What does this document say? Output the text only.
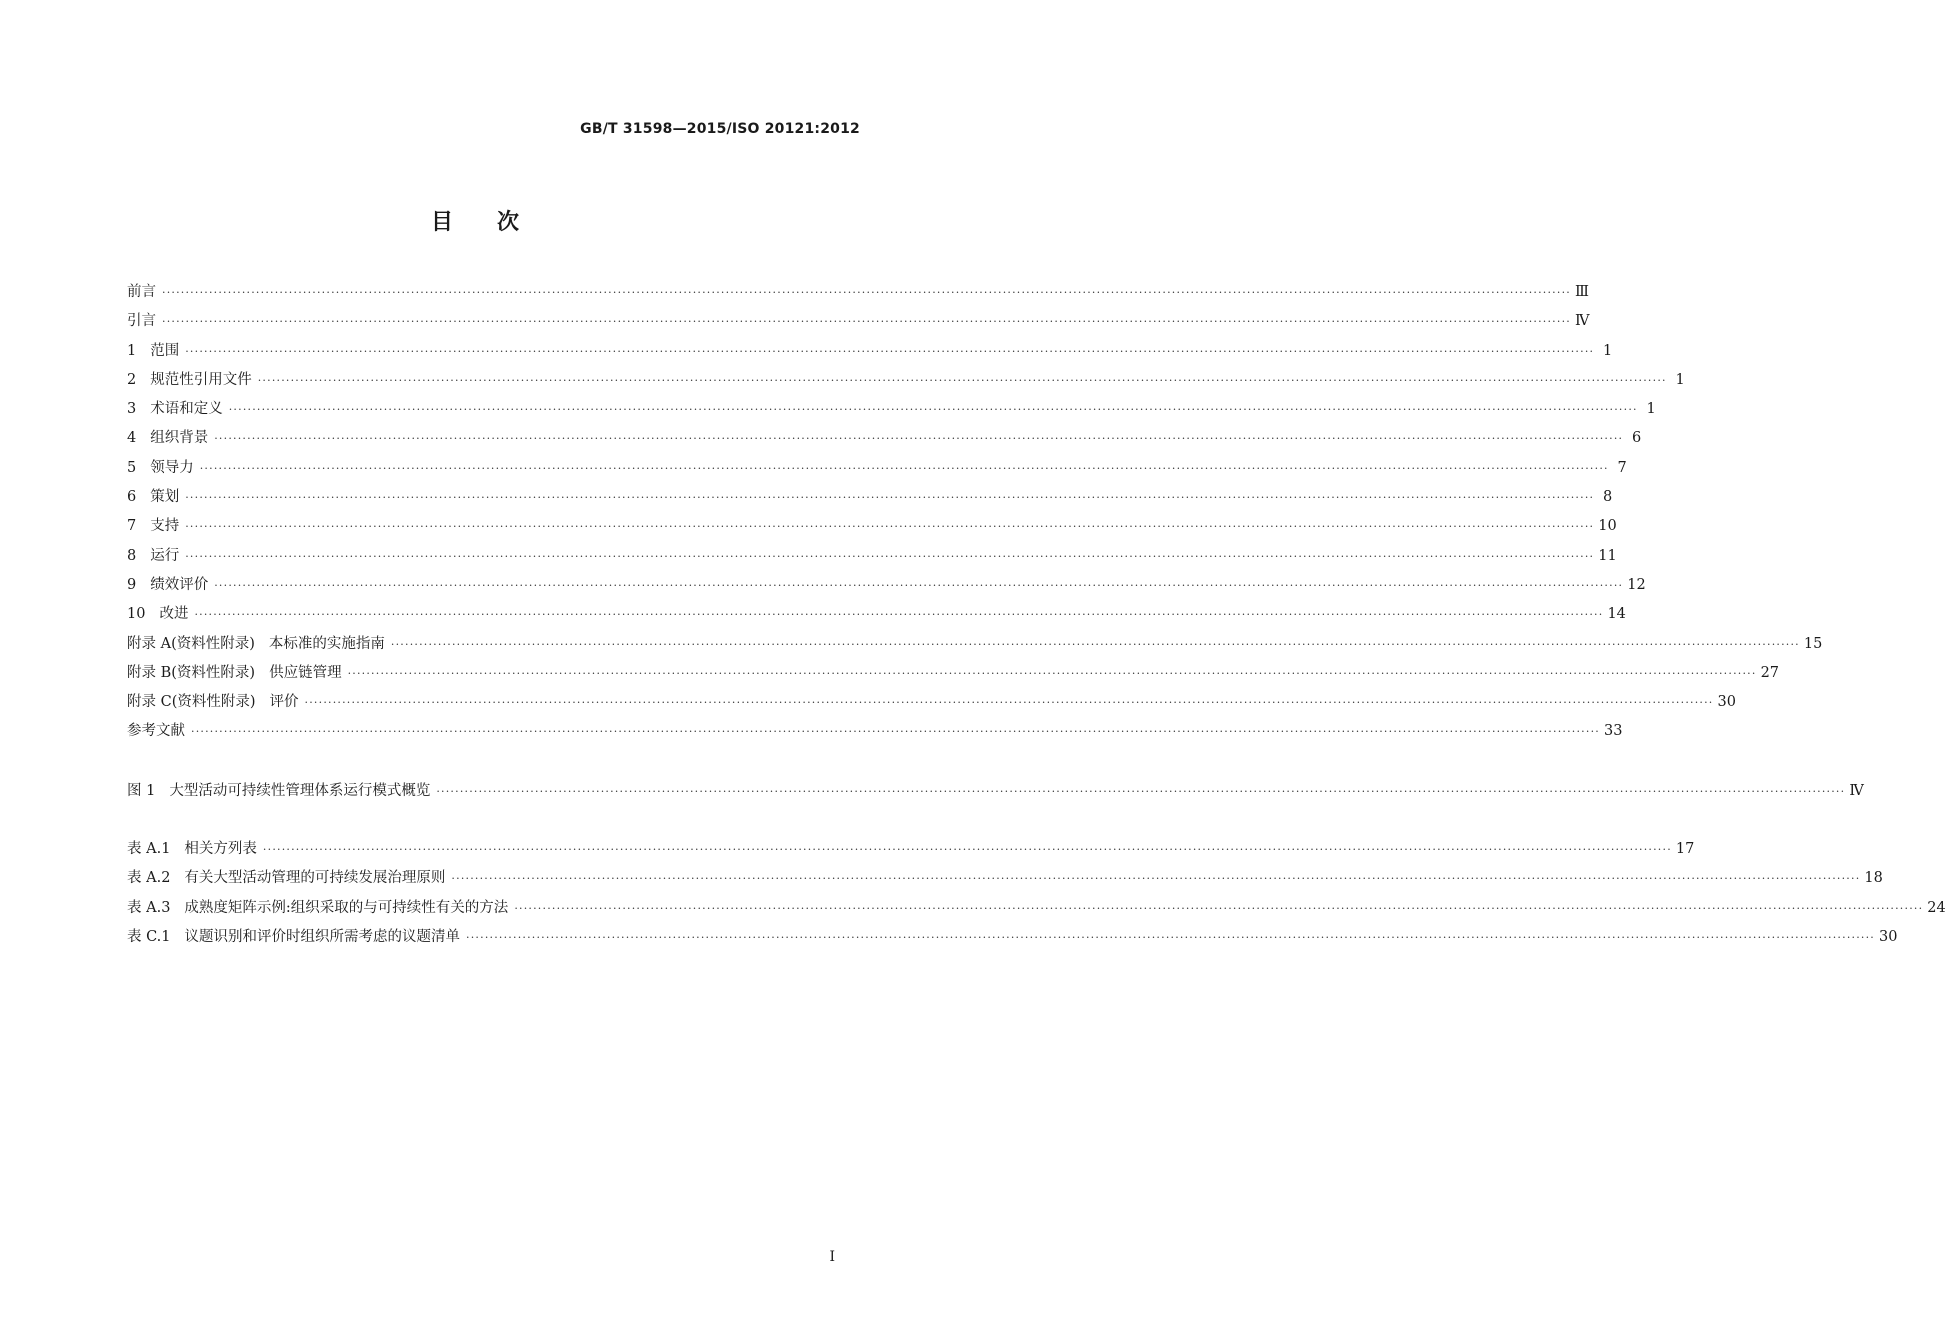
GB/T 31598—2015/ISO 20121:2012
目次
前言 ············································································································································································································································································································ Ⅲ
引言 ············································································································································································································································································································ Ⅳ
1 范围 ············································································································································································································································································································ 1
2 规范性引用文件 ············································································································································································································································································································ 1
3 术语和定义 ············································································································································································································································································································ 1
4 组织背景 ············································································································································································································································································································ 6
5 领导力 ············································································································································································································································································································ 7
6 策划 ············································································································································································································································································································ 8
7 支持 ············································································································································································································································································································ 10
8 运行 ············································································································································································································································································································ 11
9 绩效评价 ············································································································································································································································································································ 12
10 改进 ············································································································································································································································································································ 14
附录 A(资料性附录) 本标准的实施指南 ············································································································································································································································································································ 15
附录 B(资料性附录) 供应链管理 ············································································································································································································································································································ 27
附录 C(资料性附录) 评价 ············································································································································································································································································································ 30
参考文献 ············································································································································································································································································································ 33
图 1 大型活动可持续性管理体系运行模式概览 ············································································································································································································································································································ Ⅳ
表 A.1 相关方列表 ············································································································································································································································································································ 17
表 A.2 有关大型活动管理的可持续发展治理原则 ············································································································································································································································································································ 18
表 A.3 成熟度矩阵示例:组织采取的与可持续性有关的方法 ············································································································································································································································································································ 24
表 C.1 议题识别和评价时组织所需考虑的议题清单 ············································································································································································································································································································ 30
I
